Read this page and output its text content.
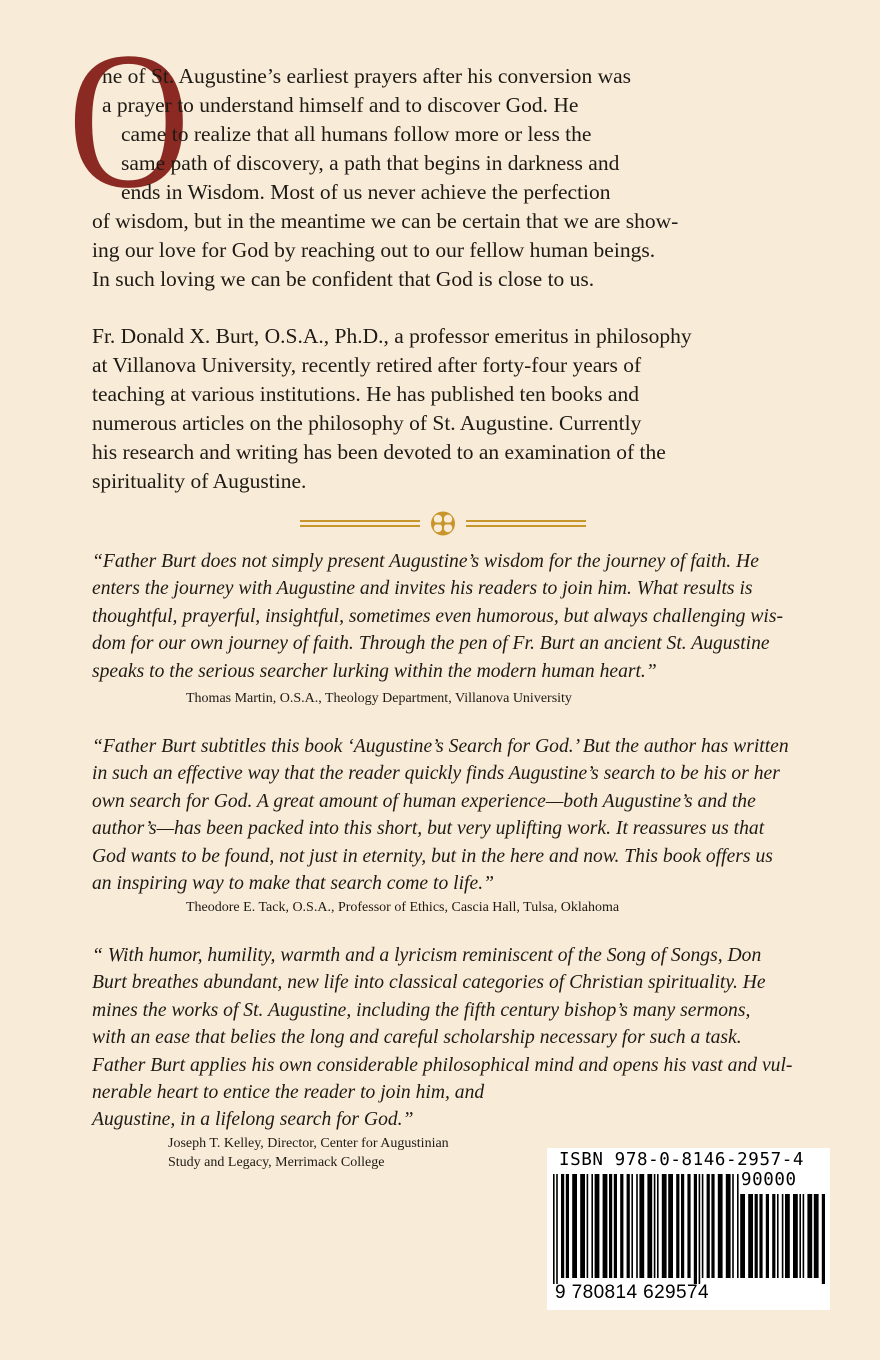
O
ne of St. Augustine’s earliest prayers after his conversion was
a prayer to understand himself and to discover God. He
came to realize that all humans follow more or less the
same path of discovery, a path that begins in darkness and
ends in Wisdom. Most of us never achieve the perfection
of wisdom, but in the meantime we can be certain that we are show-
ing our love for God by reaching out to our fellow human beings.
In such loving we can be confident that God is close to us.
Fr. Donald X. Burt, O.S.A., Ph.D., a professor emeritus in philosophy
at Villanova University, recently retired after forty-four years of
teaching at various institutions. He has published ten books and
numerous articles on the philosophy of St. Augustine. Currently
his research and writing has been devoted to an examination of the
spirituality of Augustine.
“Father Burt does not simply present Augustine’s wisdom for the journey of faith. He
enters the journey with Augustine and invites his readers to join him. What results is
thoughtful, prayerful, insightful, sometimes even humorous, but always challenging wis-
dom for our own journey of faith. Through the pen of Fr. Burt an ancient St. Augustine
speaks to the serious searcher lurking within the modern human heart.”
Thomas Martin, O.S.A., Theology Department, Villanova University
“Father Burt subtitles this book ‘Augustine’s Search for God.’ But the author has written
in such an effective way that the reader quickly finds Augustine’s search to be his or her
own search for God. A great amount of human experience—both Augustine’s and the
author’s—has been packed into this short, but very uplifting work. It reassures us that
God wants to be found, not just in eternity, but in the here and now. This book offers us
an inspiring way to make that search come to life.”
Theodore E. Tack, O.S.A., Professor of Ethics, Cascia Hall, Tulsa, Oklahoma
“ With humor, humility, warmth and a lyricism reminiscent of the Song of Songs, Don
Burt breathes abundant, new life into classical categories of Christian spirituality. He
mines the works of St. Augustine, including the fifth century bishop’s many sermons,
with an ease that belies the long and careful scholarship necessary for such a task.
Father Burt applies his own considerable philosophical mind and opens his vast and vul-
nerable heart to entice the reader to join him, and
Augustine, in a lifelong search for God.”
Joseph T. Kelley, Director, Center for Augustinian
Study and Legacy, Merrimack College	ISBN 978-0-8146-2957-4
90000
9 780814 629574
